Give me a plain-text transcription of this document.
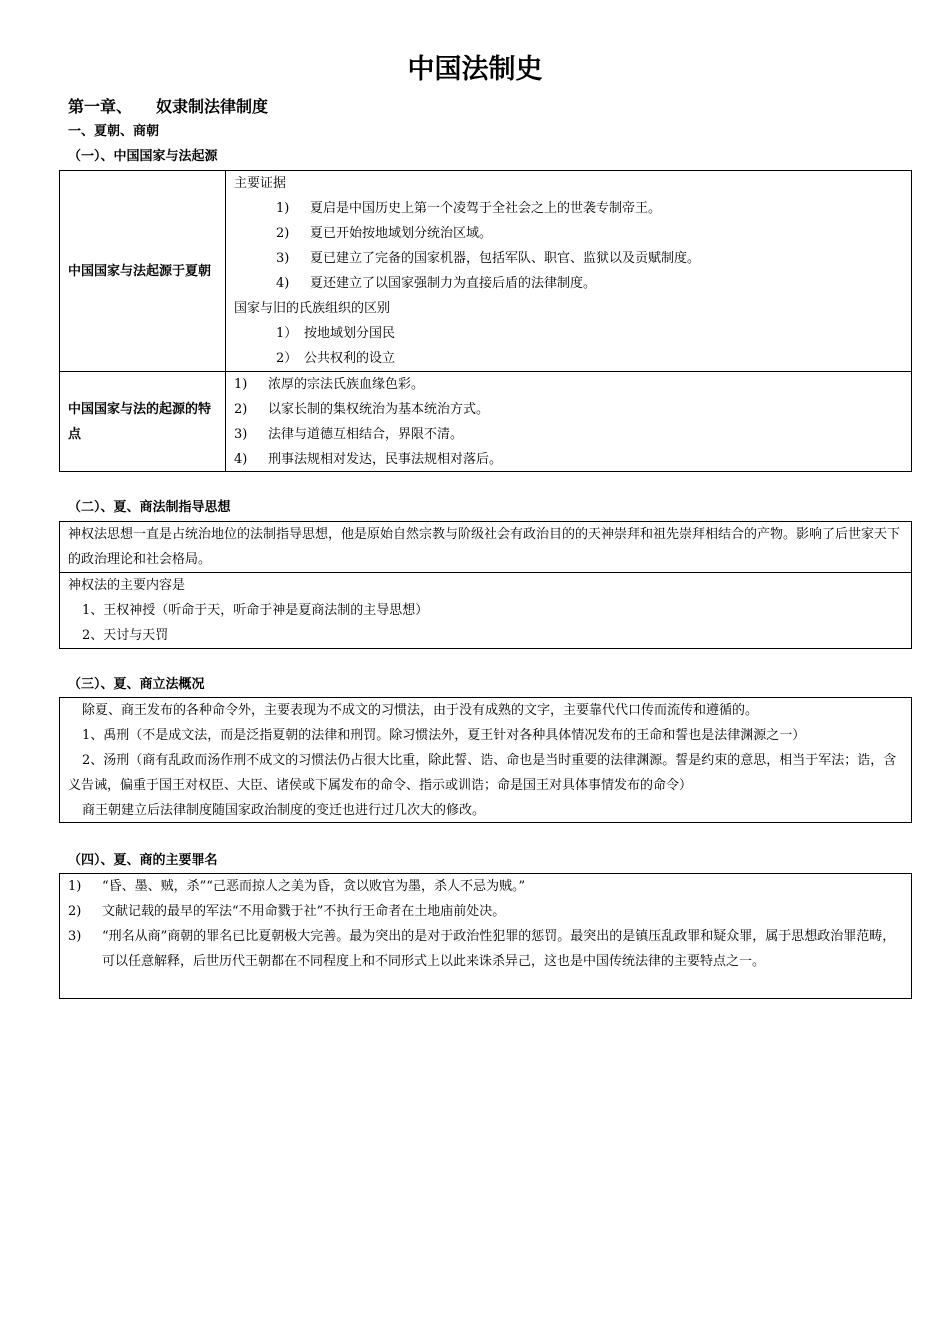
中国法制史
第一章、 奴隶制法律制度
一、夏朝、商朝
（一）、中国国家与法起源
中国国家与法起源于夏朝
主要证据
1) 夏启是中国历史上第一个凌驾于全社会之上的世袭专制帝王。
2) 夏已开始按地域划分统治区域。
3) 夏已建立了完备的国家机器，包括军队、职官、监狱以及贡赋制度。
4) 夏还建立了以国家强制力为直接后盾的法律制度。
国家与旧的氏族组织的区别
1） 按地域划分国民
2） 公共权利的设立
中国国家与法的起源的特点
1) 浓厚的宗法氏族血缘色彩。
2) 以家长制的集权统治为基本统治方式。
3) 法律与道德互相结合，界限不清。
4) 刑事法规相对发达，民事法规相对落后。
（二）、夏、商法制指导思想
神权法思想一直是占统治地位的法制指导思想，他是原始自然宗教与阶级社会有政治目的的天神崇拜和祖先崇拜相结合的产物。影响了后世家天下的政治理论和社会格局。
神权法的主要内容是
1、王权神授（听命于天，听命于神是夏商法制的主导思想）
2、天讨与天罚
（三）、夏、商立法概况
除夏、商王发布的各种命令外，主要表现为不成文的习惯法，由于没有成熟的文字，主要靠代代口传而流传和遵循的。
1、禹刑（不是成文法，而是泛指夏朝的法律和刑罚。除习惯法外，夏王针对各种具体情况发布的王命和誓也是法律渊源之一）
2、汤刑（商有乱政而汤作刑不成文的习惯法仍占很大比重，除此誓、诰、命也是当时重要的法律渊源。誓是约束的意思，相当于军法；诰，含义告诫，偏重于国王对权臣、大臣、诸侯或下属发布的命令、指示或训诰；命是国王对具体事情发布的命令）
商王朝建立后法律制度随国家政治制度的变迁也进行过几次大的修改。
（四）、夏、商的主要罪名
1)	“昏、墨、贼，杀”“己恶而掠人之美为昏，贪以败官为墨，杀人不忌为贼。”
2)	文献记载的最早的军法“不用命戮于社”不执行王命者在土地庙前处决。
3)	“刑名从商”商朝的罪名已比夏朝极大完善。最为突出的是对于政治性犯罪的惩罚。最突出的是镇压乱政罪和疑众罪，属于思想政治罪范畴，可以任意解释，后世历代王朝都在不同程度上和不同形式上以此来诛杀异己，这也是中国传统法律的主要特点之一。
